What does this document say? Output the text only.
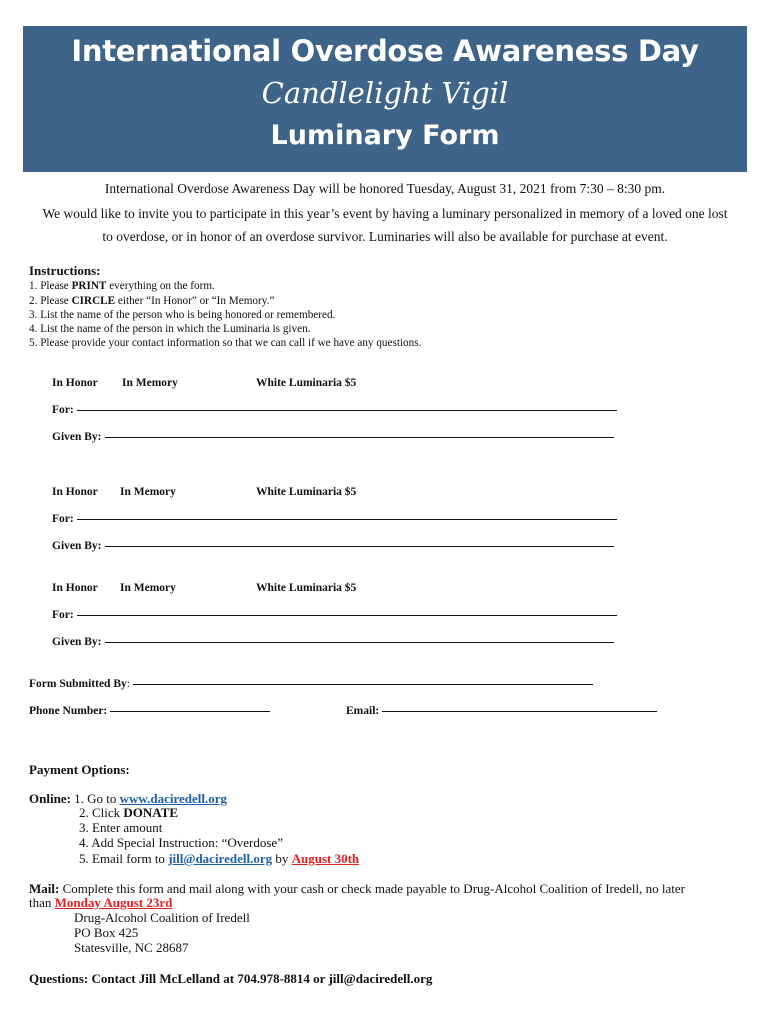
International Overdose Awareness Day
Candlelight Vigil
Luminary Form
International Overdose Awareness Day will be honored Tuesday, August 31, 2021 from 7:30 – 8:30 pm.
We would like to invite you to participate in this year’s event by having a luminary personalized in memory of a loved one lost
to overdose, or in honor of an overdose survivor. Luminaries will also be available for purchase at event.
Instructions:
1. Please PRINT everything on the form.
2. Please CIRCLE either “In Honor” or “In Memory.”
3. List the name of the person who is being honored or remembered.
4. List the name of the person in which the Luminaria is given.
5. Please provide your contact information so that we can call if we have any questions.
In Honor In Memory	White Luminaria $5
For:
Given By:
In Honor In Memory	White Luminaria $5
For:
Given By:
In Honor In Memory	White Luminaria $5
For:
Given By:
Form Submitted By:
Phone Number:	Email:
Payment Options:
Online: 1. Go to www.daciredell.org
2. Click DONATE
3. Enter amount
4. Add Special Instruction: “Overdose”
5. Email form to jill@daciredell.org by August 30th
Mail: Complete this form and mail along with your cash or check made payable to Drug-Alcohol Coalition of Iredell, no later
than Monday August 23rd
Drug-Alcohol Coalition of Iredell
PO Box 425
Statesville, NC 28687
Questions: Contact Jill McLelland at 704.978-8814 or jill@daciredell.org
